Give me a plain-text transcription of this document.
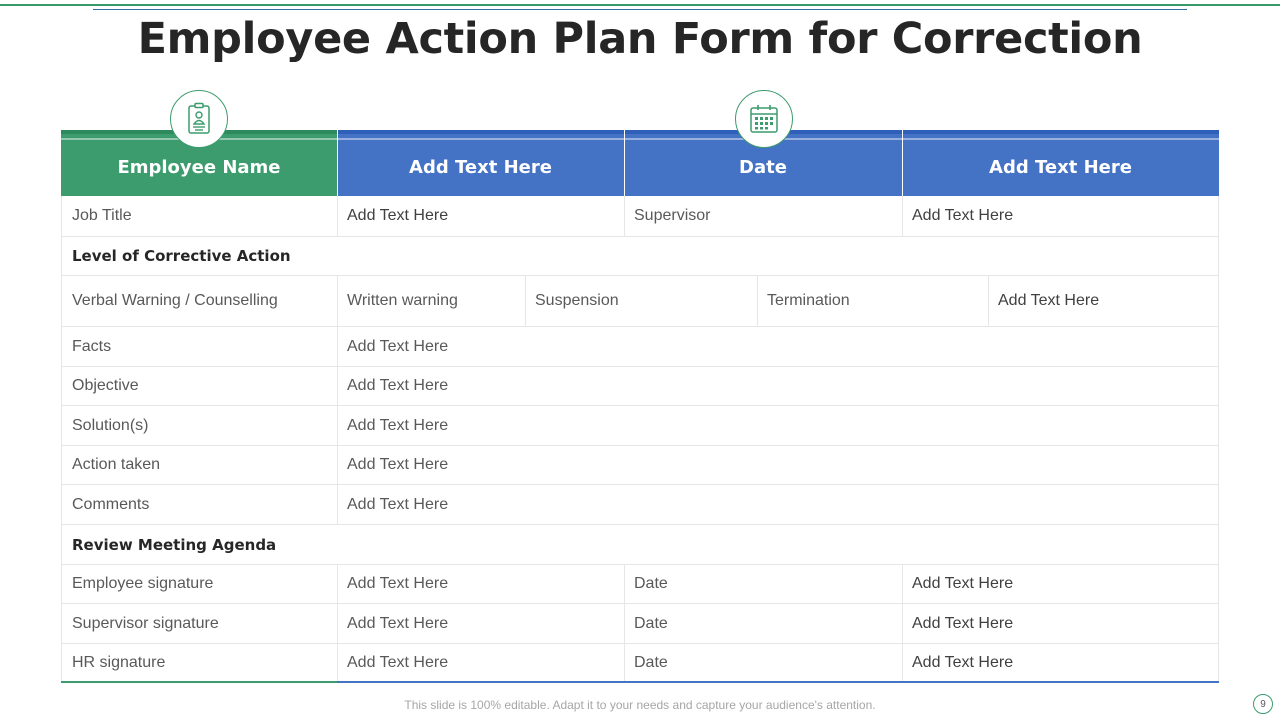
Employee Action Plan Form for Correction
Employee Name	Add Text Here	Date	Add Text Here
Job Title	Add Text Here	Supervisor	Add Text Here
Level of Corrective Action
Verbal Warning / Counselling	Written warning	Suspension	Termination	Add Text Here
Facts	Add Text Here
Objective	Add Text Here
Solution(s)	Add Text Here
Action taken	Add Text Here
Comments	Add Text Here
Review Meeting Agenda
Employee signature	Add Text Here	Date	Add Text Here
Supervisor signature	Add Text Here	Date	Add Text Here
HR signature	Add Text Here	Date	Add Text Here
This slide is 100% editable. Adapt it to your needs and capture your audience's attention.	9
